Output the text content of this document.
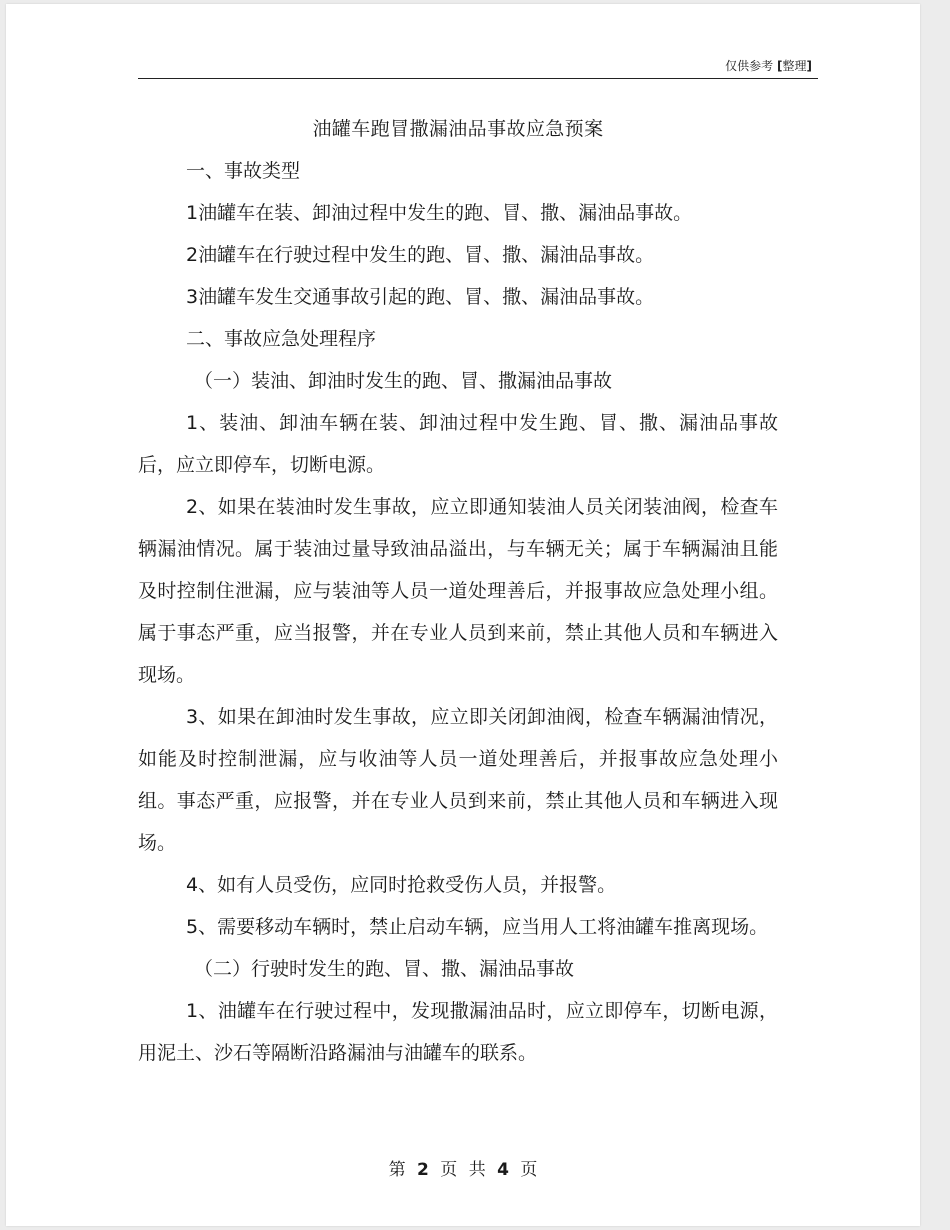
仅供参考 [整理]

油罐车跑冒撒漏油品事故应急预案

一、事故类型

1油罐车在装、卸油过程中发生的跑、冒、撒、漏油品事故。

2油罐车在行驶过程中发生的跑、冒、撒、漏油品事故。

3油罐车发生交通事故引起的跑、冒、撒、漏油品事故。

二、事故应急处理程序

（一）装油、卸油时发生的跑、冒、撒漏油品事故

1、装油、卸油车辆在装、卸油过程中发生跑、冒、撒、漏油品事故后，应立即停车，切断电源。

2、如果在装油时发生事故，应立即通知装油人员关闭装油阀，检查车辆漏油情况。属于装油过量导致油品溢出，与车辆无关；属于车辆漏油且能及时控制住泄漏，应与装油等人员一道处理善后，并报事故应急处理小组。属于事态严重，应当报警，并在专业人员到来前，禁止其他人员和车辆进入现场。

3、如果在卸油时发生事故，应立即关闭卸油阀，检查车辆漏油情况，如能及时控制泄漏，应与收油等人员一道处理善后，并报事故应急处理小组。事态严重，应报警，并在专业人员到来前，禁止其他人员和车辆进入现场。

4、如有人员受伤，应同时抢救受伤人员，并报警。

5、需要移动车辆时，禁止启动车辆，应当用人工将油罐车推离现场。

（二）行驶时发生的跑、冒、撒、漏油品事故

1、油罐车在行驶过程中，发现撒漏油品时，应立即停车，切断电源，用泥土、沙石等隔断沿路漏油与油罐车的联系。

第 2 页 共 4 页
